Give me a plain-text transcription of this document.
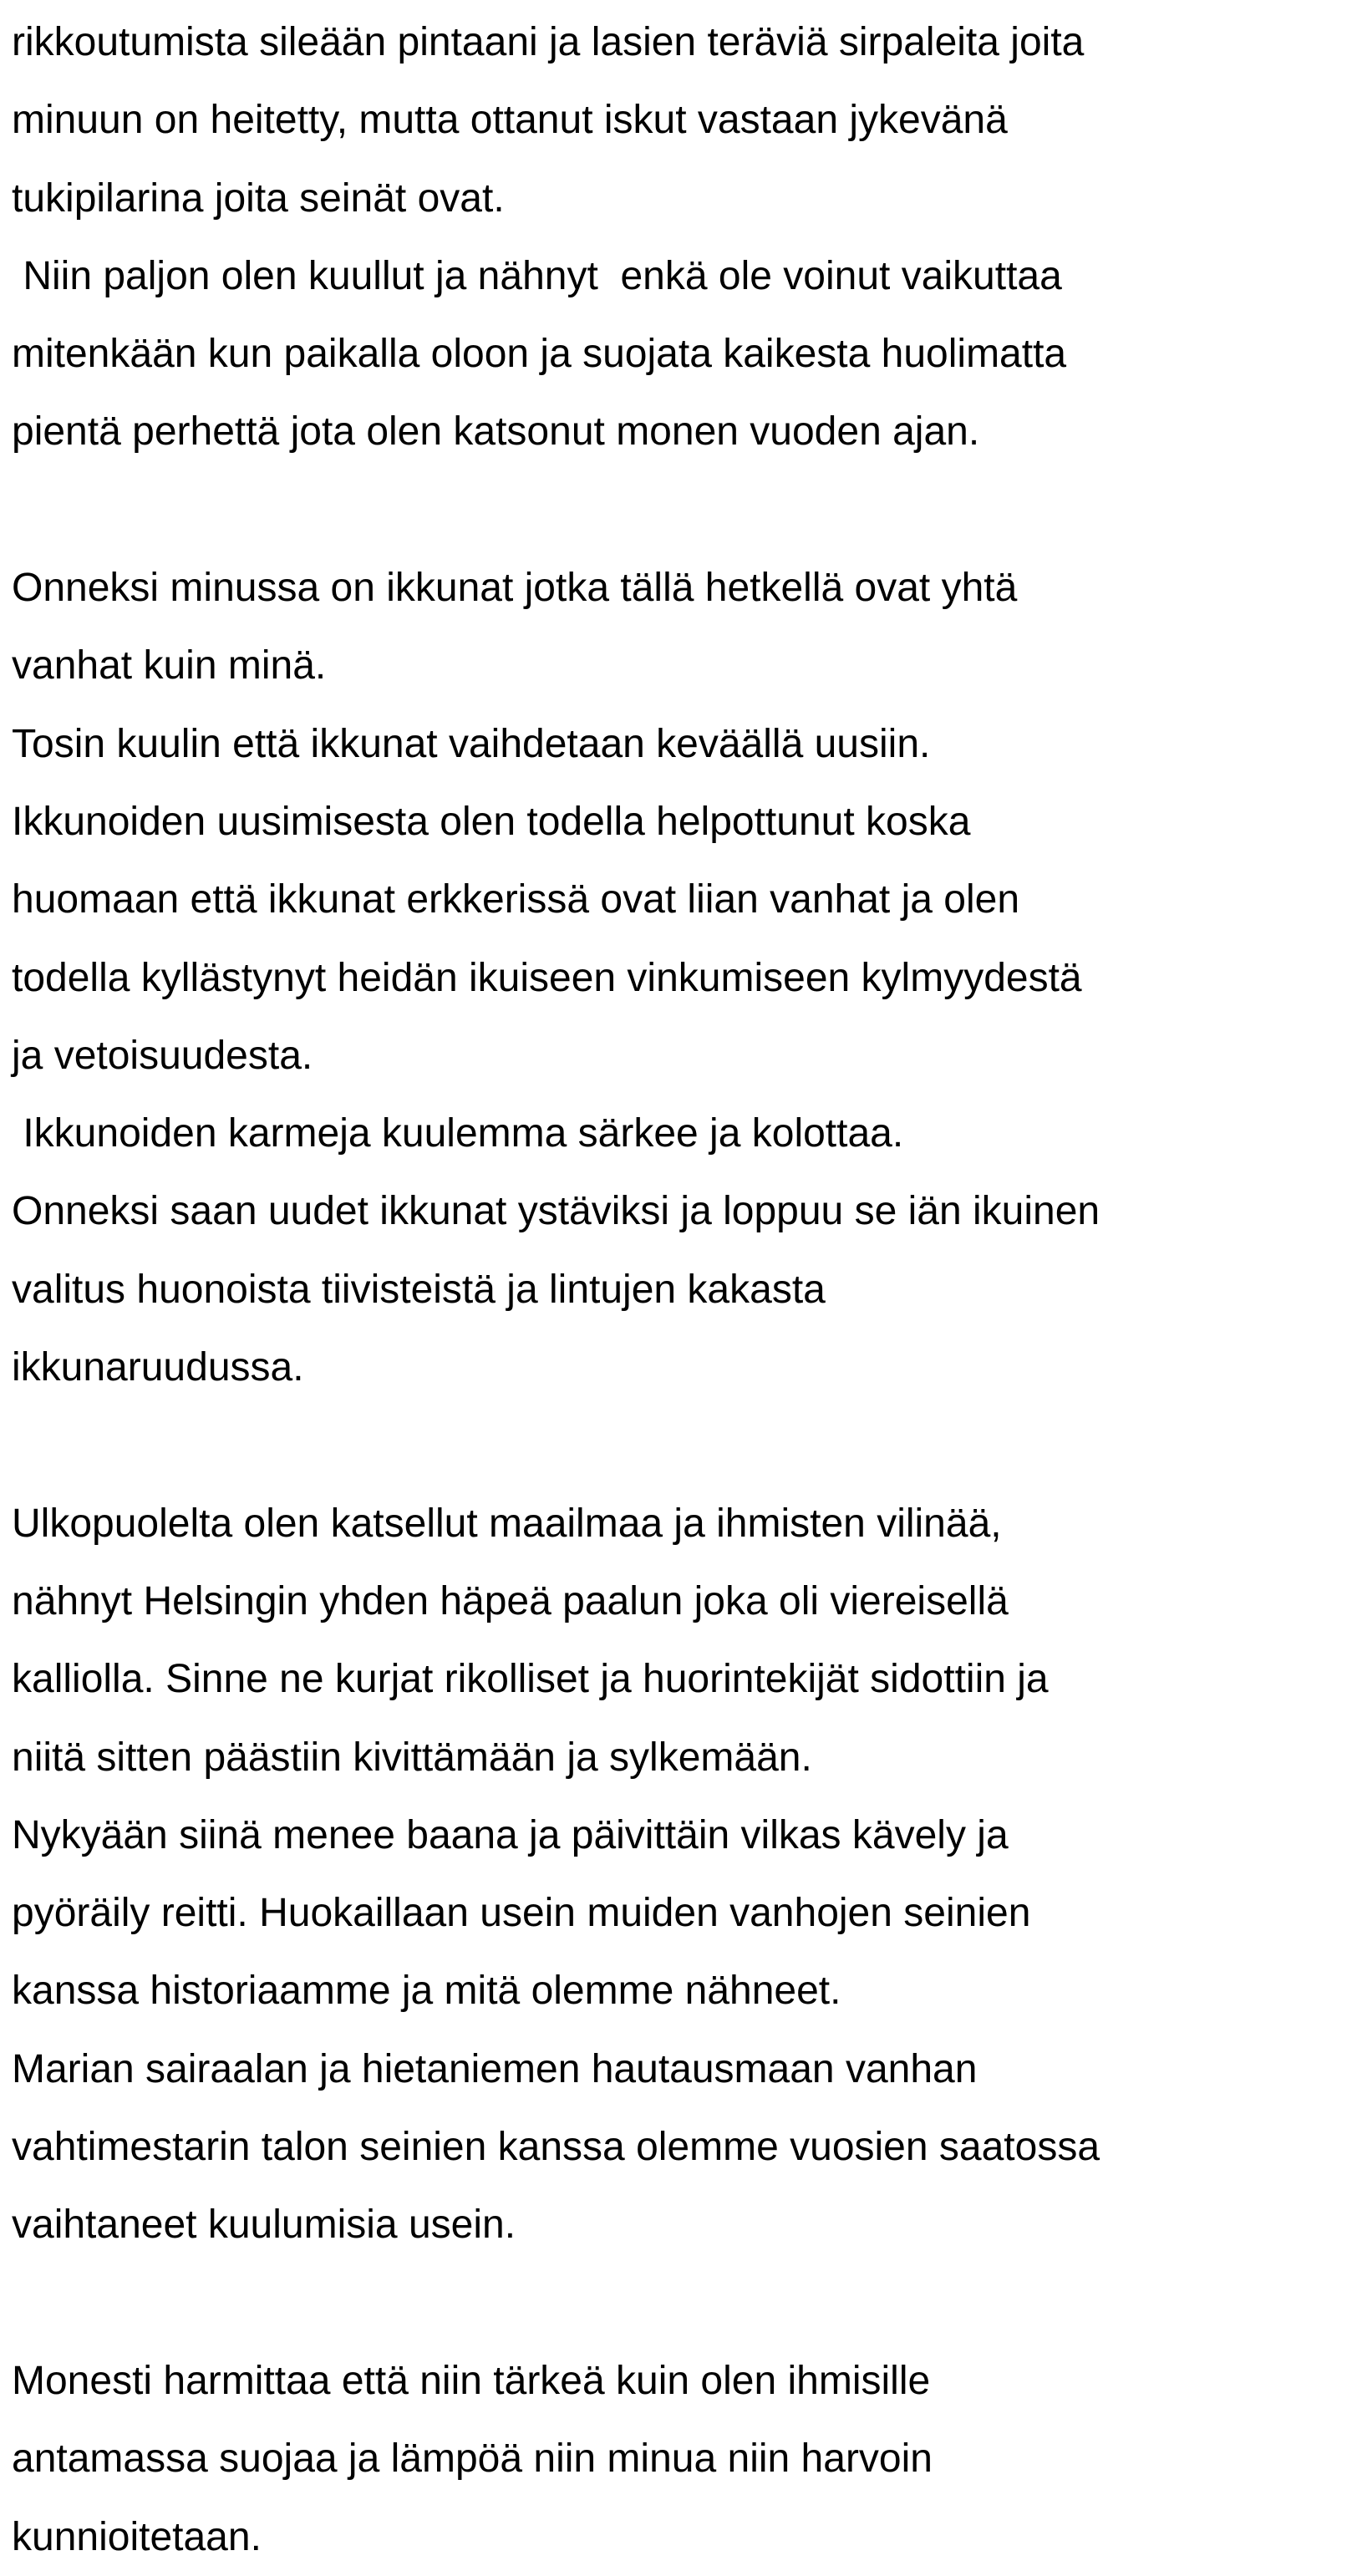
rikkoutumista sileään pintaani ja lasien teräviä sirpaleita joita
minuun on heitetty, mutta ottanut iskut vastaan jykevänä
tukipilarina joita seinät ovat.
Niin paljon olen kuullut ja nähnyt  enkä ole voinut vaikuttaa
mitenkään kun paikalla oloon ja suojata kaikesta huolimatta
pientä perhettä jota olen katsonut monen vuoden ajan.
Onneksi minussa on ikkunat jotka tällä hetkellä ovat yhtä
vanhat kuin minä.
Tosin kuulin että ikkunat vaihdetaan keväällä uusiin.
Ikkunoiden uusimisesta olen todella helpottunut koska
huomaan että ikkunat erkkerissä ovat liian vanhat ja olen
todella kyllästynyt heidän ikuiseen vinkumiseen kylmyydestä
ja vetoisuudesta.
Ikkunoiden karmeja kuulemma särkee ja kolottaa.
Onneksi saan uudet ikkunat ystäviksi ja loppuu se iän ikuinen
valitus huonoista tiivisteistä ja lintujen kakasta
ikkunaruudussa.
Ulkopuolelta olen katsellut maailmaa ja ihmisten vilinää,
nähnyt Helsingin yhden häpeä paalun joka oli viereisellä
kalliolla. Sinne ne kurjat rikolliset ja huorintekijät sidottiin ja
niitä sitten päästiin kivittämään ja sylkemään.
Nykyään siinä menee baana ja päivittäin vilkas kävely ja
pyöräily reitti. Huokaillaan usein muiden vanhojen seinien
kanssa historiaamme ja mitä olemme nähneet.
Marian sairaalan ja hietaniemen hautausmaan vanhan
vahtimestarin talon seinien kanssa olemme vuosien saatossa
vaihtaneet kuulumisia usein.
Monesti harmittaa että niin tärkeä kuin olen ihmisille
antamassa suojaa ja lämpöä niin minua niin harvoin
kunnioitetaan.
